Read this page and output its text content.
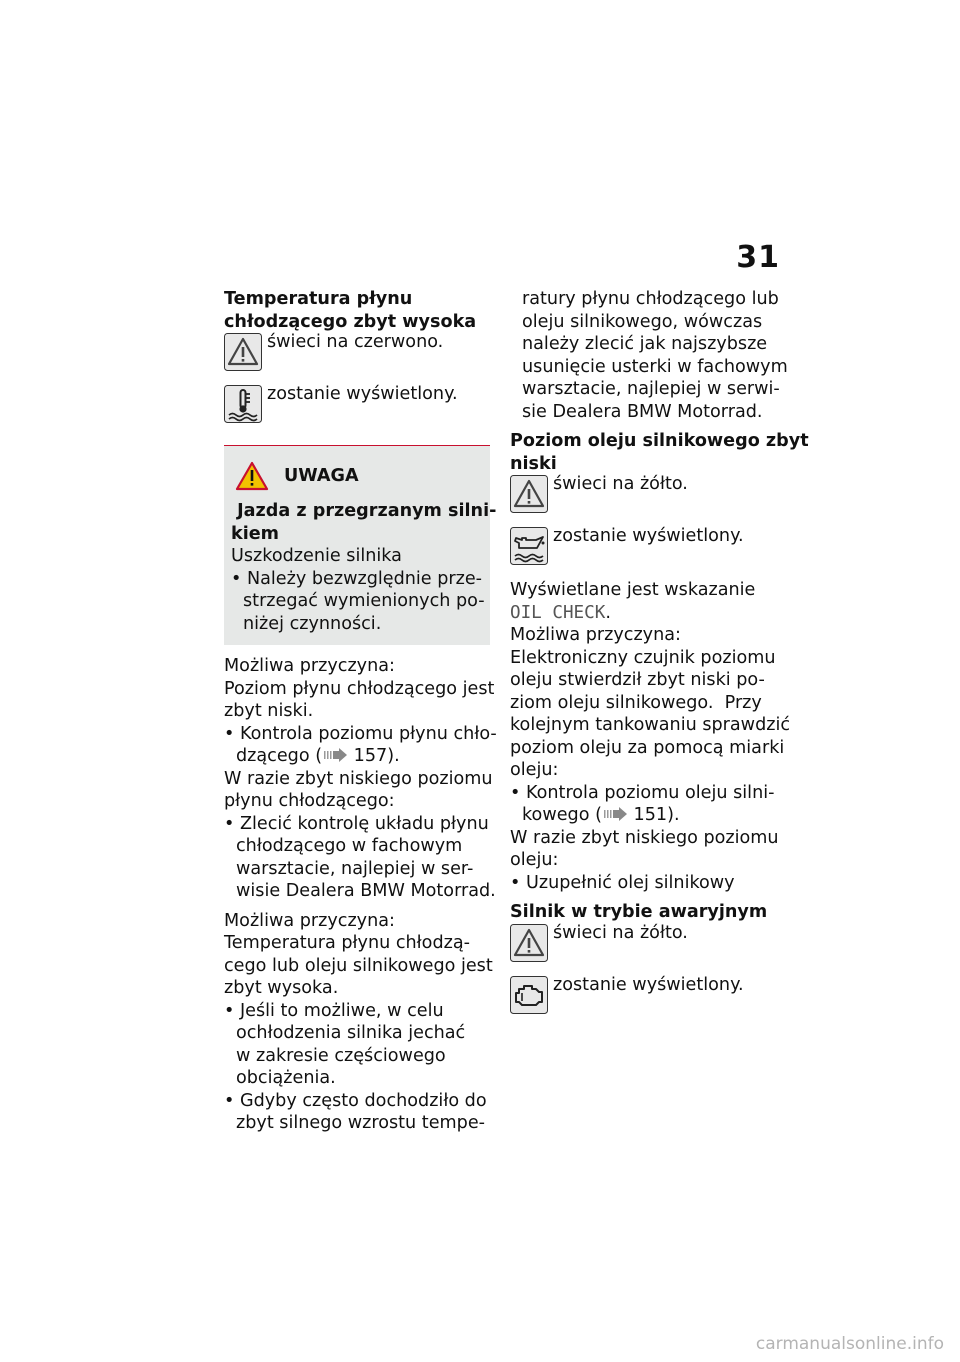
31
Temperatura płynu
chłodzącego zbyt wysoka
świeci na czerwono.
zostanie wyświetlony.
UWAGA
Jazda z przegrzanym silni-
kiem
Uszkodzenie silnika
• Należy bezwzględnie prze-
strzegać wymienionych po-
niżej czynności.
Możliwa przyczyna:
Poziom płynu chłodzącego jest
zbyt niski.
• Kontrola poziomu płynu chło-
dzącego (
157).
W razie zbyt niskiego poziomu
płynu chłodzącego:
• Zlecić kontrolę układu płynu
chłodzącego w fachowym
warsztacie, najlepiej w ser-
wisie Dealera BMW Motorrad.
Możliwa przyczyna:
Temperatura płynu chłodzą-
cego lub oleju silnikowego jest
zbyt wysoka.
• Jeśli to możliwe, w celu
ochłodzenia silnika jechać
w zakresie częściowego
obciążenia.
• Gdyby często dochodziło do
zbyt silnego wzrostu tempe-
ratury płynu chłodzącego lub
oleju silnikowego, wówczas
należy zlecić jak najszybsze
usunięcie usterki w fachowym
warsztacie, najlepiej w serwi-
sie Dealera BMW Motorrad.
Poziom oleju silnikowego zbyt
niski
świeci na żółto.
zostanie wyświetlony.
Wyświetlane jest wskazanie
OIL CHECK.
Możliwa przyczyna:
Elektroniczny czujnik poziomu
oleju stwierdził zbyt niski po-
ziom oleju silnikowego.  Przy
kolejnym tankowaniu sprawdzić
poziom oleju za pomocą miarki
oleju:
• Kontrola poziomu oleju silni-
kowego (
151).
W razie zbyt niskiego poziomu
oleju:
• Uzupełnić olej silnikowy
Silnik w trybie awaryjnym
świeci na żółto.
zostanie wyświetlony.
carmanualsonline.info
